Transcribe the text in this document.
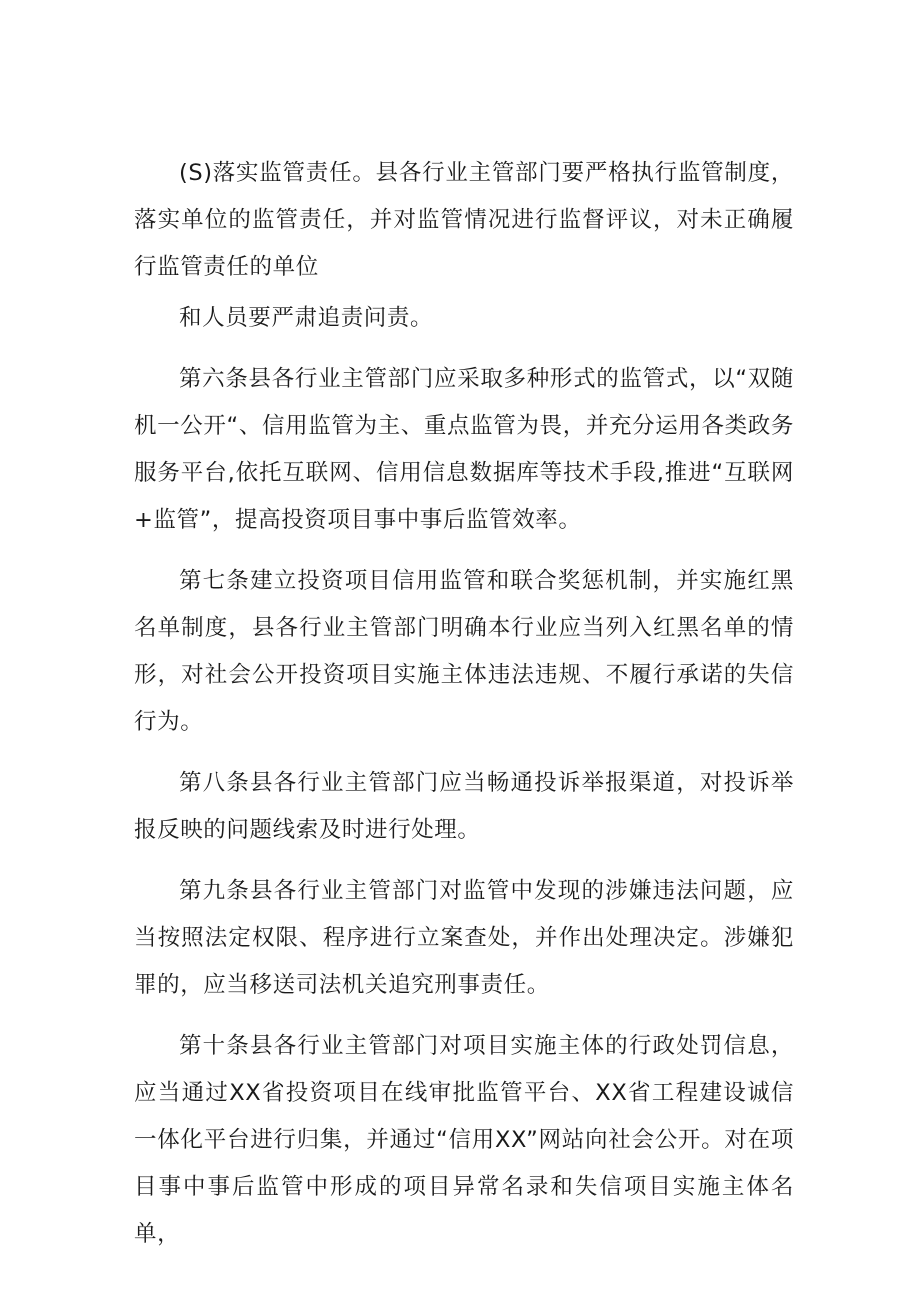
(S)落实监管责任。县各行业主管部门要严格执行监管制度，落实单位的监管责任，并对监管情况进行监督评议，对未正确履行监管责任的单位

和人员要严肃追责问责。

第六条县各行业主管部门应采取多种形式的监管式，以“双随机一公开“、信用监管为主、重点监管为畏，并充分运用各类政务服务平台,依托互联网、信用信息数据库等技术手段,推进“互联网+监管”，提高投资项目事中事后监管效率。

第七条建立投资项目信用监管和联合奖惩机制，并实施红黑名单制度，县各行业主管部门明确本行业应当列入红黑名单的情形，对社会公开投资项目实施主体违法违规、不履行承诺的失信行为。

第八条县各行业主管部门应当畅通投诉举报渠道，对投诉举报反映的问题线索及时进行处理。

第九条县各行业主管部门对监管中发现的涉嫌违法问题，应当按照法定权限、程序进行立案查处，并作出处理决定。涉嫌犯罪的，应当移送司法机关追究刑事责任。

第十条县各行业主管部门对项目实施主体的行政处罚信息，应当通过XX省投资项目在线审批监管平台、XX省工程建设诚信一体化平台进行归集，并通过“信用XX”网站向社会公开。对在项目事中事后监管中形成的项目异常名录和失信项目实施主体名单，
